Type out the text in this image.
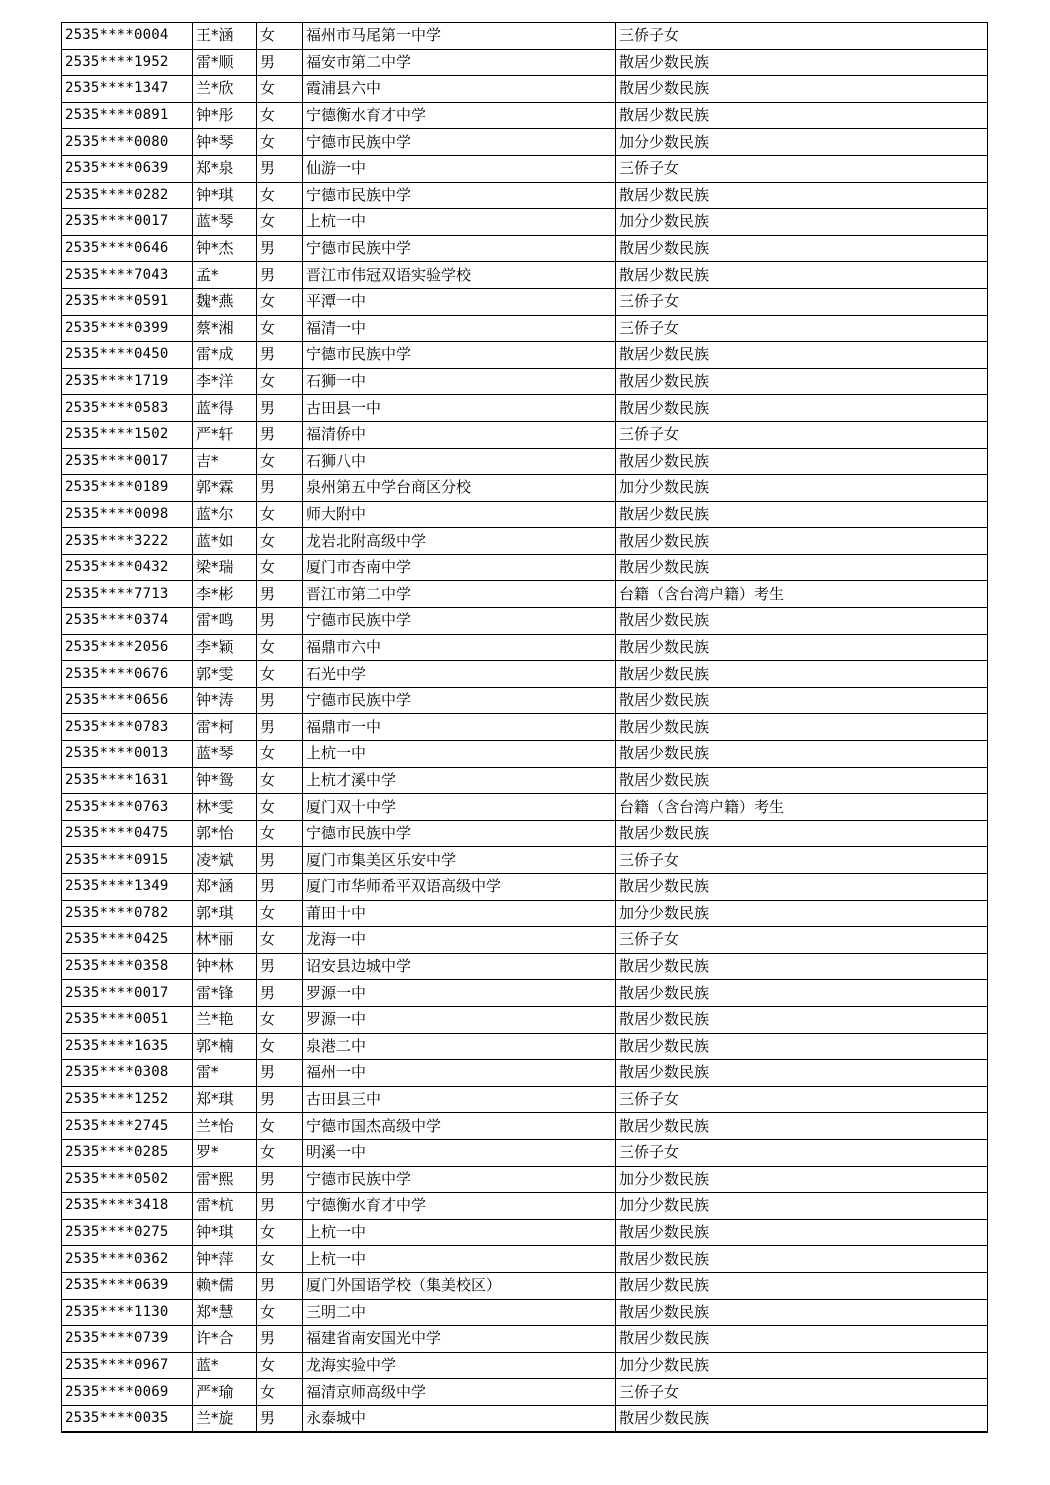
2535****0004	王*涵	女	福州市马尾第一中学	三侨子女
2535****1952	雷*顺	男	福安市第二中学	散居少数民族
2535****1347	兰*欣	女	霞浦县六中	散居少数民族
2535****0891	钟*彤	女	宁德衡水育才中学	散居少数民族
2535****0080	钟*琴	女	宁德市民族中学	加分少数民族
2535****0639	郑*泉	男	仙游一中	三侨子女
2535****0282	钟*琪	女	宁德市民族中学	散居少数民族
2535****0017	蓝*琴	女	上杭一中	加分少数民族
2535****0646	钟*杰	男	宁德市民族中学	散居少数民族
2535****7043	孟*	男	晋江市伟冠双语实验学校	散居少数民族
2535****0591	魏*燕	女	平潭一中	三侨子女
2535****0399	蔡*湘	女	福清一中	三侨子女
2535****0450	雷*成	男	宁德市民族中学	散居少数民族
2535****1719	李*洋	女	石狮一中	散居少数民族
2535****0583	蓝*得	男	古田县一中	散居少数民族
2535****1502	严*轩	男	福清侨中	三侨子女
2535****0017	吉*	女	石狮八中	散居少数民族
2535****0189	郭*霖	男	泉州第五中学台商区分校	加分少数民族
2535****0098	蓝*尔	女	师大附中	散居少数民族
2535****3222	蓝*如	女	龙岩北附高级中学	散居少数民族
2535****0432	梁*瑞	女	厦门市杏南中学	散居少数民族
2535****7713	李*彬	男	晋江市第二中学	台籍（含台湾户籍）考生
2535****0374	雷*鸣	男	宁德市民族中学	散居少数民族
2535****2056	李*颖	女	福鼎市六中	散居少数民族
2535****0676	郭*雯	女	石光中学	散居少数民族
2535****0656	钟*涛	男	宁德市民族中学	散居少数民族
2535****0783	雷*柯	男	福鼎市一中	散居少数民族
2535****0013	蓝*琴	女	上杭一中	散居少数民族
2535****1631	钟*鸳	女	上杭才溪中学	散居少数民族
2535****0763	林*雯	女	厦门双十中学	台籍（含台湾户籍）考生
2535****0475	郭*怡	女	宁德市民族中学	散居少数民族
2535****0915	凌*斌	男	厦门市集美区乐安中学	三侨子女
2535****1349	郑*涵	男	厦门市华师希平双语高级中学	散居少数民族
2535****0782	郭*琪	女	莆田十中	加分少数民族
2535****0425	林*丽	女	龙海一中	三侨子女
2535****0358	钟*林	男	诏安县边城中学	散居少数民族
2535****0017	雷*锋	男	罗源一中	散居少数民族
2535****0051	兰*艳	女	罗源一中	散居少数民族
2535****1635	郭*楠	女	泉港二中	散居少数民族
2535****0308	雷*	男	福州一中	散居少数民族
2535****1252	郑*琪	男	古田县三中	三侨子女
2535****2745	兰*怡	女	宁德市国杰高级中学	散居少数民族
2535****0285	罗*	女	明溪一中	三侨子女
2535****0502	雷*熙	男	宁德市民族中学	加分少数民族
2535****3418	雷*杭	男	宁德衡水育才中学	加分少数民族
2535****0275	钟*琪	女	上杭一中	散居少数民族
2535****0362	钟*萍	女	上杭一中	散居少数民族
2535****0639	赖*儒	男	厦门外国语学校（集美校区）	散居少数民族
2535****1130	郑*慧	女	三明二中	散居少数民族
2535****0739	许*合	男	福建省南安国光中学	散居少数民族
2535****0967	蓝*	女	龙海实验中学	加分少数民族
2535****0069	严*瑜	女	福清京师高级中学	三侨子女
2535****0035	兰*旋	男	永泰城中	散居少数民族
